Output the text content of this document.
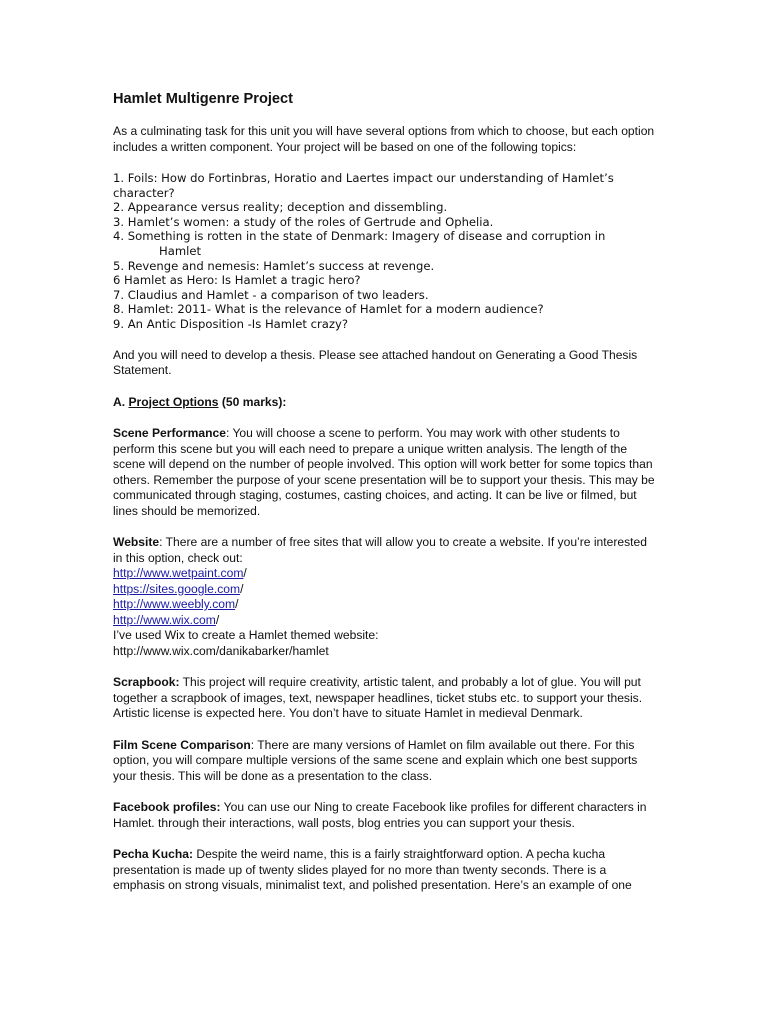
Hamlet Multigenre Project

As a culminating task for this unit you will have several options from which to choose, but each option includes a written component. Your project will be based on one of the following topics:

1. Foils: How do Fortinbras, Horatio and Laertes impact our understanding of Hamlet’s character?
2. Appearance versus reality; deception and dissembling.
3. Hamlet’s women: a study of the roles of Gertrude and Ophelia.
4. Something is rotten in the state of Denmark: Imagery of disease and corruption in
Hamlet
5. Revenge and nemesis: Hamlet’s success at revenge.
6 Hamlet as Hero: Is Hamlet a tragic hero?
7. Claudius and Hamlet - a comparison of two leaders.
8. Hamlet: 2011- What is the relevance of Hamlet for a modern audience?
9. An Antic Disposition -Is Hamlet crazy?

And you will need to develop a thesis. Please see attached handout on Generating a Good Thesis Statement.

A. Project Options (50 marks):

Scene Performance: You will choose a scene to perform. You may work with other students to perform this scene but you will each need to prepare a unique written analysis. The length of the scene will depend on the number of people involved. This option will work better for some topics than others. Remember the purpose of your scene presentation will be to support your thesis. This may be communicated through staging, costumes, casting choices, and acting. It can be live or filmed, but lines should be memorized.

Website: There are a number of free sites that will allow you to create a website. If you’re interested in this option, check out:
http://www.wetpaint.com/
https://sites.google.com/
http://www.weebly.com/
http://www.wix.com/
I’ve used Wix to create a Hamlet themed website:
http://www.wix.com/danikabarker/hamlet

Scrapbook: This project will require creativity, artistic talent, and probably a lot of glue. You will put together a scrapbook of images, text, newspaper headlines, ticket stubs etc. to support your thesis. Artistic license is expected here. You don’t have to situate Hamlet in medieval Denmark.

Film Scene Comparison: There are many versions of Hamlet on film available out there. For this option, you will compare multiple versions of the same scene and explain which one best supports your thesis. This will be done as a presentation to the class.

Facebook profiles: You can use our Ning to create Facebook like profiles for different characters in Hamlet. through their interactions, wall posts, blog entries you can support your thesis.

Pecha Kucha: Despite the weird name, this is a fairly straightforward option. A pecha kucha presentation is made up of twenty slides played for no more than twenty seconds. There is a emphasis on strong visuals, minimalist text, and polished presentation. Here’s an example of one
